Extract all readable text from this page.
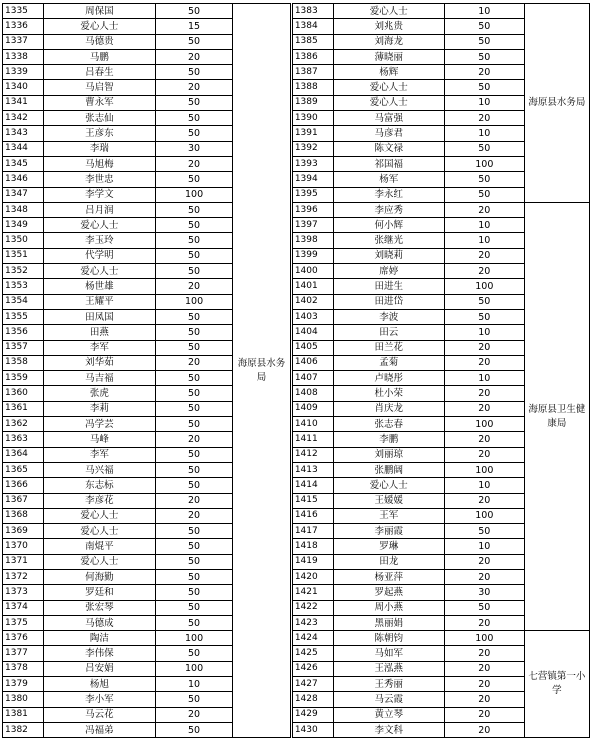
1335	周保国	50	海原县水务局		1383	爱心人士	10	海原县水务局
1336	爱心人士	15			1384	刘兆贵	50	
1337	马德贵	50			1385	刘海龙	50	
1338	马鹏	20			1386	薄晓丽	50	
1339	吕春生	50			1387	杨辉	20	
1340	马启智	20			1388	爱心人士	50	
1341	曹永军	50			1389	爱心人士	10	
1342	张志仙	50			1390	马富强	20	
1343	王彦东	50			1391	马彦君	10	
1344	李瑞	30			1392	陈文禄	50	
1345	马旭梅	20			1393	祁国福	100	
1346	李世忠	50			1394	杨军	50	
1347	李学文	100			1395	李永红	50	
1348	吕月润	50			1396	李应秀	20	海原县卫生健康局
1349	爱心人士	50			1397	何小辉	10	
1350	李玉玲	50			1398	张继光	10	
1351	代学明	50			1399	刘晓莉	20	
1352	爱心人士	50			1400	席婷	20	
1353	杨世雄	20			1401	田进生	100	
1354	王耀平	100			1402	田进岱	50	
1355	田凤国	50			1403	李波	50	
1356	田燕	50			1404	田云	10	
1357	李军	50			1405	田兰花	20	
1358	刘华茹	20			1406	孟菊	20	
1359	马吉福	50			1407	卢晓彤	10	
1360	张虎	50			1408	杜小荣	20	
1361	李莉	50			1409	肖庆龙	20	
1362	冯学芸	50			1410	张志春	100	
1363	马峰	20			1411	李鹏	20	
1364	李军	50			1412	刘丽琼	20	
1365	马兴福	50			1413	张鹏阔	100	
1366	东志标	50			1414	爱心人士	10	
1367	李彦花	20			1415	王媛媛	20	
1368	爱心人士	20			1416	王军	100	
1369	爱心人士	50			1417	李丽霞	50	
1370	南焜平	50			1418	罗琳	10	
1371	爱心人士	50			1419	田龙	20	
1372	何海勤	50			1420	杨亚萍	20	
1373	罗廷和	50			1421	罗起燕	30	
1374	张宏琴	50			1422	周小燕	50	
1375	马德成	50			1423	黑丽娟	20	
1376	陶洁	100			1424	陈朝钧	100	七营镇第一小学
1377	李伟保	50			1425	马如军	20	
1378	吕安娟	100			1426	王泓燕	20	
1379	杨旭	10			1427	王秀丽	20	
1380	李小军	50			1428	马云霞	20	
1381	马云花	20			1429	黄立琴	20	
1382	冯福弟	50			1430	李文科	20	
